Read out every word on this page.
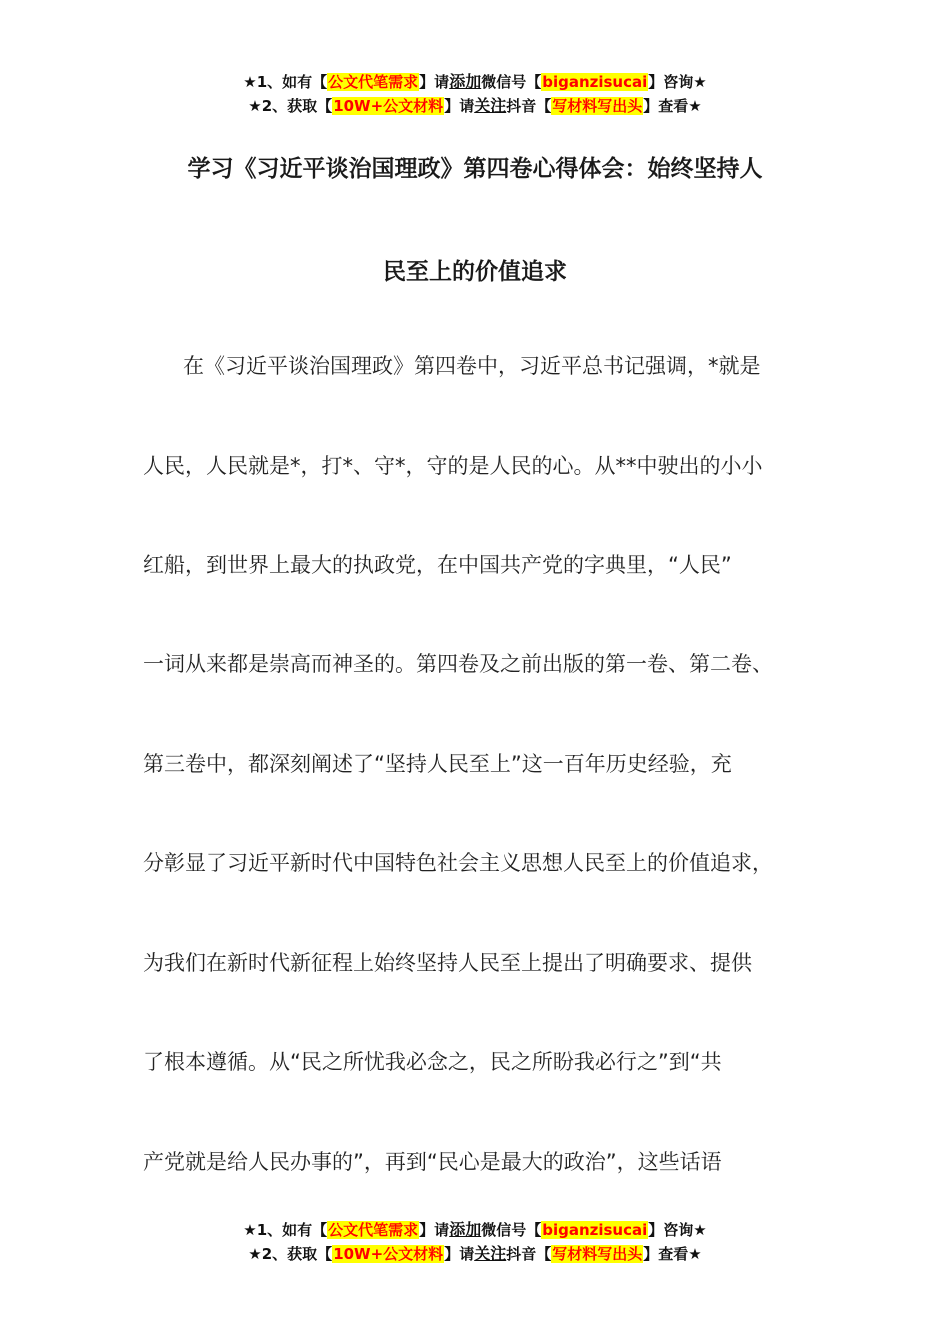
★1、如有【公文代笔需求】请添加微信号【biganzisucai】咨询★
★2、获取【10W+公文材料】请关注抖音【写材料写出头】查看★
学习《习近平谈治国理政》第四卷心得体会：始终坚持人
民至上的价值追求
在《习近平谈治国理政》第四卷中，习近平总书记强调，*就是
人民，人民就是*，打*、守*，守的是人民的心。从**中驶出的小小
红船，到世界上最大的执政党，在中国共产党的字典里，“人民”
一词从来都是崇高而神圣的。第四卷及之前出版的第一卷、第二卷、
第三卷中，都深刻阐述了“坚持人民至上”这一百年历史经验，充
分彰显了习近平新时代中国特色社会主义思想人民至上的价值追求，
为我们在新时代新征程上始终坚持人民至上提出了明确要求、提供
了根本遵循。从“民之所忧我必念之，民之所盼我必行之”到“共
产党就是给人民办事的”，再到“民心是最大的政治”，这些话语
★1、如有【公文代笔需求】请添加微信号【biganzisucai】咨询★
★2、获取【10W+公文材料】请关注抖音【写材料写出头】查看★
